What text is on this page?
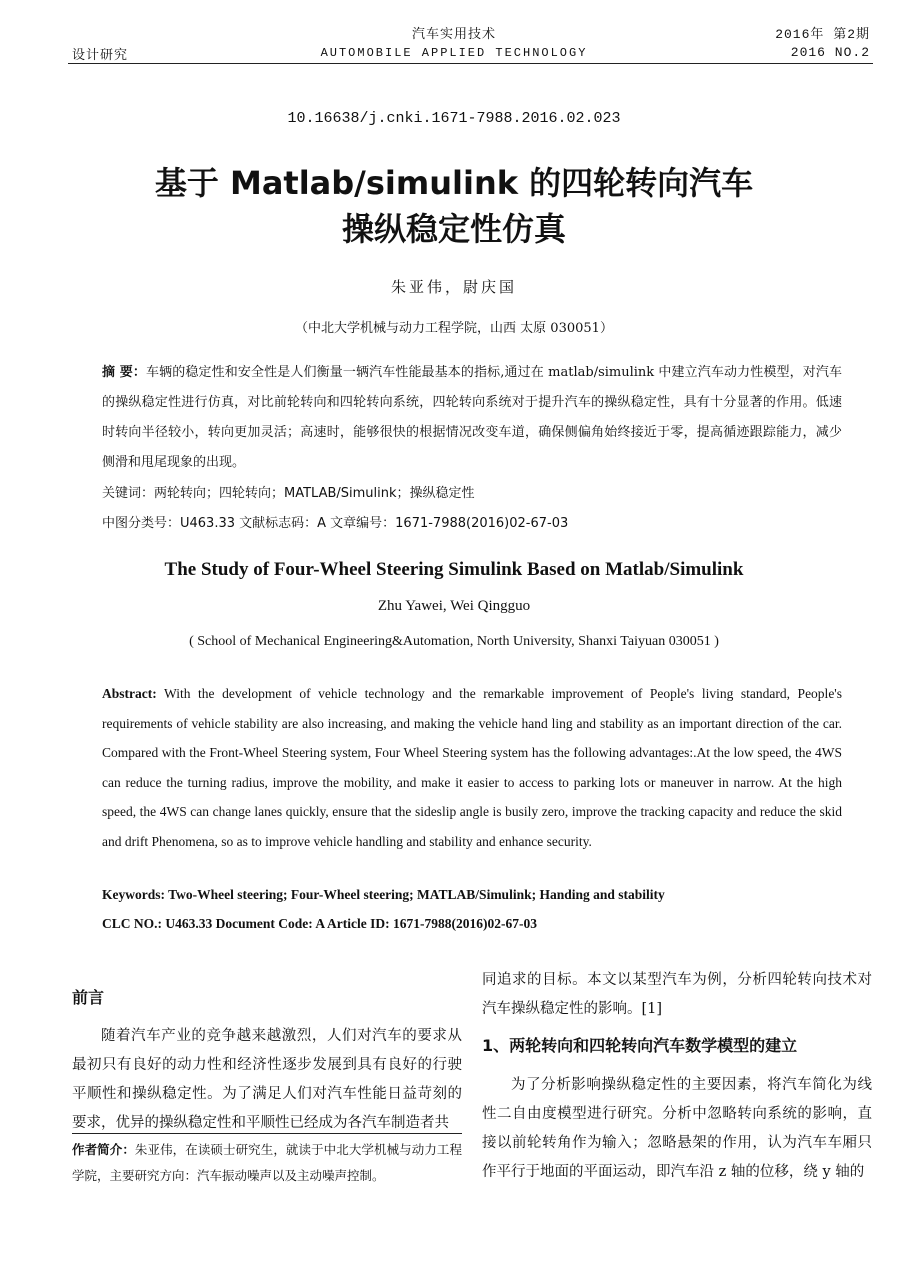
设计研究
汽车实用技术
AUTOMOBILE APPLIED TECHNOLOGY
2016年 第2期
2016 NO.2
10.16638/j.cnki.1671-7988.2016.02.023
基于 Matlab/simulink 的四轮转向汽车
操纵稳定性仿真
朱亚伟，尉庆国
（中北大学机械与动力工程学院，山西 太原 030051）
摘 要：车辆的稳定性和安全性是人们衡量一辆汽车性能最基本的指标,通过在 matlab/simulink 中建立汽车动力性模型，对汽车的操纵稳定性进行仿真，对比前轮转向和四轮转向系统，四轮转向系统对于提升汽车的操纵稳定性，具有十分显著的作用。低速时转向半径较小，转向更加灵活；高速时，能够很快的根据情况改变车道，确保侧偏角始终接近于零，提高循迹跟踪能力，减少侧滑和甩尾现象的出现。
关键词：两轮转向；四轮转向；MATLAB/Simulink；操纵稳定性
中图分类号：U463.33 文献标志码：A 文章编号：1671-7988(2016)02-67-03
The Study of Four-Wheel Steering Simulink Based on Matlab/Simulink
Zhu Yawei, Wei Qingguo
( School of Mechanical Engineering&Automation, North University, Shanxi Taiyuan 030051 )
Abstract: With the development of vehicle technology and the remarkable improvement of People's living standard, People's requirements of vehicle stability are also increasing, and making the vehicle hand ling and stability as an important direction of the car. Compared with the Front-Wheel Steering system, Four Wheel Steering system has the following advantages:.At the low speed, the 4WS can reduce the turning radius, improve the mobility, and make it easier to access to parking lots or maneuver in narrow. At the high speed, the 4WS can change lanes quickly, ensure that the sideslip angle is busily zero, improve the tracking capacity and reduce the skid and drift Phenomena, so as to improve vehicle handling and stability and enhance security.
Keywords: Two-Wheel steering; Four-Wheel steering; MATLAB/Simulink; Handing and stability
CLC NO.: U463.33 Document Code: A Article ID: 1671-7988(2016)02-67-03
前言
随着汽车产业的竞争越来越激烈，人们对汽车的要求从最初只有良好的动力性和经济性逐步发展到具有良好的行驶平顺性和操纵稳定性。为了满足人们对汽车性能日益苛刻的要求，优异的操纵稳定性和平顺性已经成为各汽车制造者共
作者简介：朱亚伟，在读硕士研究生，就读于中北大学机械与动力工程学院，主要研究方向：汽车振动噪声以及主动噪声控制。
同追求的目标。本文以某型汽车为例，分析四轮转向技术对汽车操纵稳定性的影响。[1]
1、两轮转向和四轮转向汽车数学模型的建立
为了分析影响操纵稳定性的主要因素，将汽车简化为线性二自由度模型进行研究。分析中忽略转向系统的影响，直接以前轮转角作为输入；忽略悬架的作用，认为汽车车厢只作平行于地面的平面运动，即汽车沿 z 轴的位移，绕 y 轴的
